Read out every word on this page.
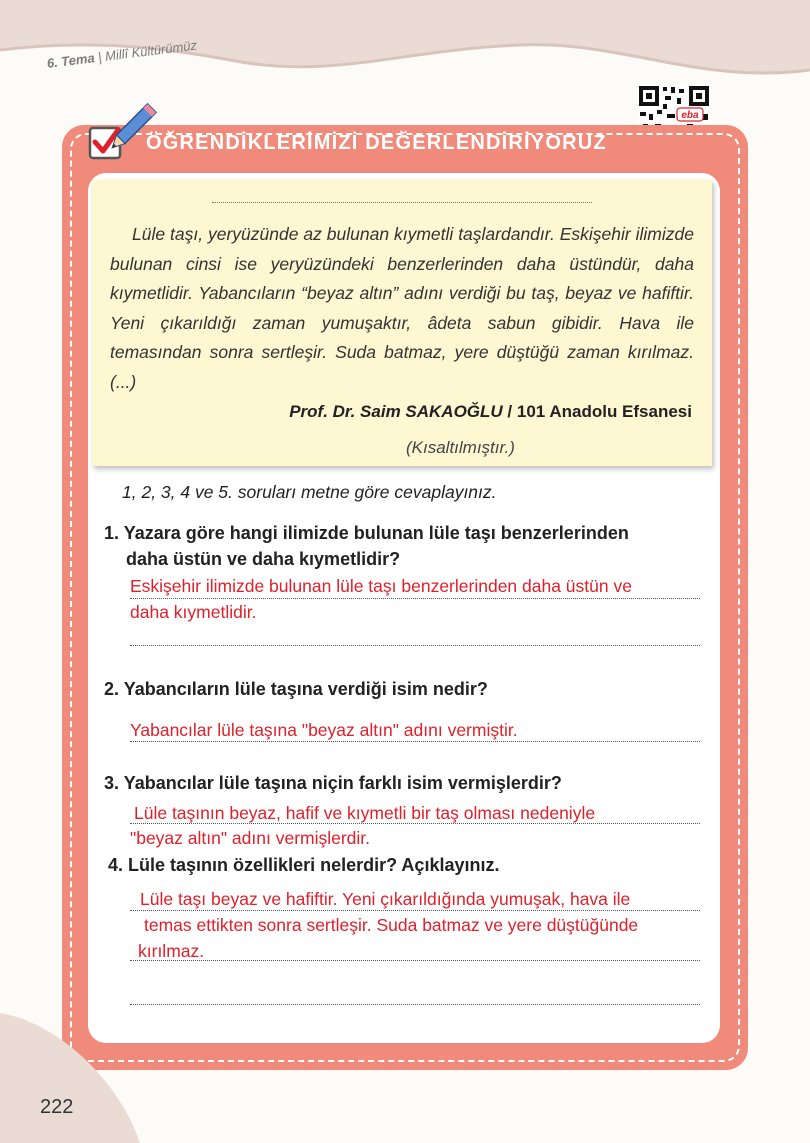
6. Tema | Millî Kültürümüz
eba
ÖĞRENDİKLERİMİZİ DEĞERLENDİRİYORUZ
Lüle taşı, yeryüzünde az bulunan kıymetli taşlardandır. Eskişehir ilimizde bulunan cinsi ise yeryüzündeki benzerlerinden daha üstündür, daha kıymetlidir. Yabancıların “beyaz altın” adını verdiği bu taş, beyaz ve hafiftir. Yeni çıkarıldığı zaman yumuşaktır, âdeta sabun gibidir. Hava ile temasından sonra sertleşir. Suda batmaz, yere düştüğü zaman kırılmaz. (...)
Prof. Dr. Saim SAKAOĞLU / 101 Anadolu Efsanesi
(Kısaltılmıştır.)
1, 2, 3, 4 ve 5. soruları metne göre cevaplayınız.
1. Yazara göre hangi ilimizde bulunan lüle taşı benzerlerinden
daha üstün ve daha kıymetlidir?
Eskişehir ilimizde bulunan lüle taşı benzerlerinden daha üstün ve
daha kıymetlidir.
2. Yabancıların lüle taşına verdiği isim nedir?
Yabancılar lüle taşına "beyaz altın" adını vermiştir.
3. Yabancılar lüle taşına niçin farklı isim vermişlerdir?
Lüle taşının beyaz, hafif ve kıymetli bir taş olması nedeniyle
"beyaz altın" adını vermişlerdir.
4. Lüle taşının özellikleri nelerdir? Açıklayınız.
Lüle taşı beyaz ve hafiftir. Yeni çıkarıldığında yumuşak, hava ile
temas ettikten sonra sertleşir. Suda batmaz ve yere düştüğünde
kırılmaz.
222
